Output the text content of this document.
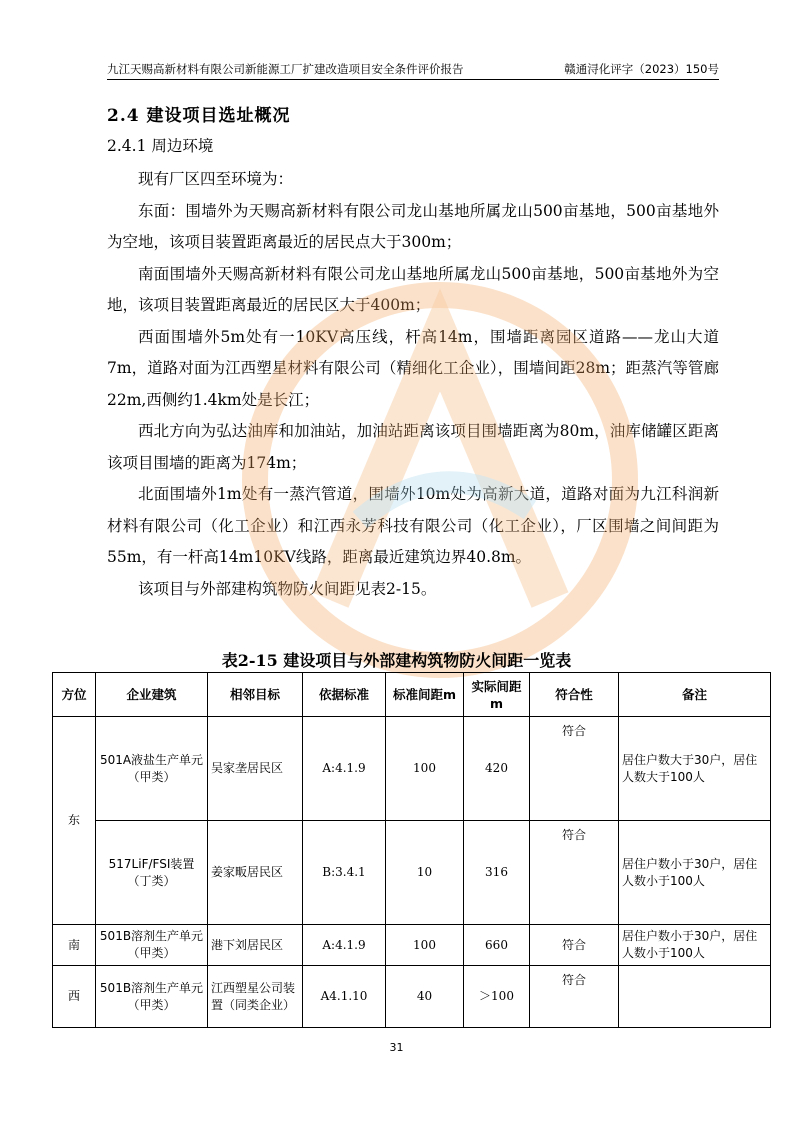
九江天赐高新材料有限公司新能源工厂扩建改造项目安全条件评价报告	赣通浔化评字（2023）150号
2.4 建设项目选址概况
2.4.1 周边环境

现有厂区四至环境为：

东面：围墙外为天赐高新材料有限公司龙山基地所属龙山500亩基地，500亩基地外为空地，该项目装置距离最近的居民点大于300m；

南面围墙外天赐高新材料有限公司龙山基地所属龙山500亩基地，500亩基地外为空地，该项目装置距离最近的居民区大于400m；

西面围墙外5m处有一10KV高压线，杆高14m，围墙距离园区道路——龙山大道7m，道路对面为江西塑星材料有限公司（精细化工企业），围墙间距28m；距蒸汽等管廊22m,西侧约1.4km处是长江；

西北方向为弘达油库和加油站，加油站距离该项目围墙距离为80m，油库储罐区距离该项目围墙的距离为174m；

北面围墙外1m处有一蒸汽管道，围墙外10m处为高新大道，道路对面为九江科润新材料有限公司（化工企业）和江西永芳科技有限公司（化工企业），厂区围墙之间间距为55m，有一杆高14m10KV线路，距离最近建筑边界40.8m。

该项目与外部建构筑物防火间距见表2-15。

表2-15 建设项目与外部建构筑物防火间距一览表
方位	企业建筑	相邻目标	依据标准	标准间距m	实际间距m	符合性	备注
东	501A液盐生产单元（甲类）	吴家垄居民区	A:4.1.9	100	420	符合	居住户数大于30户，居住人数大于100人
	517LiF/FSI装置（丁类）	姜家畈居民区	B:3.4.1	10	316	符合	居住户数小于30户，居住人数小于100人
南	501B溶剂生产单元（甲类）	港下刘居民区	A:4.1.9	100	660	符合	居住户数小于30户，居住人数小于100人
西	501B溶剂生产单元（甲类）	江西塑星公司装置（同类企业）	A4.1.10	40	＞100	符合	
31
